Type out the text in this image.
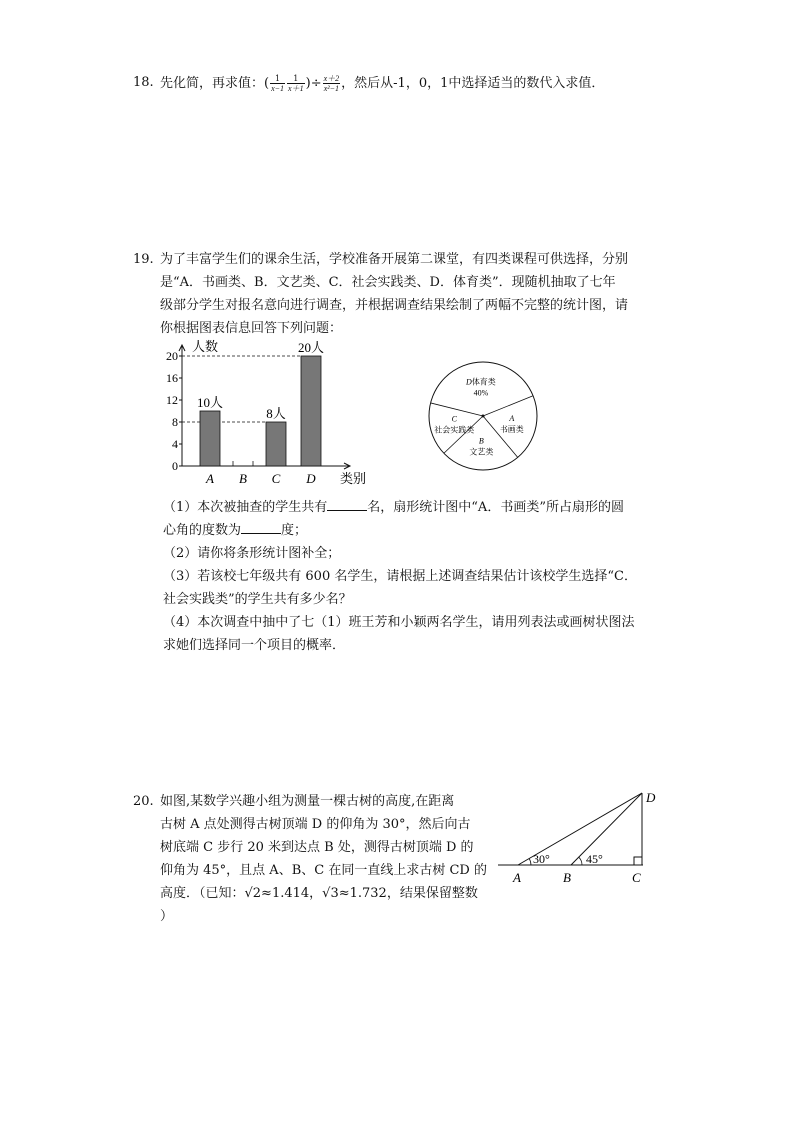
18. 先化简，再求值：( $\frac{1}{x-1} \frac{1}{x+1}$ )÷ $\frac{x+2}{\text{x²−1}}$ ，然后从-1，0，1中选择适当的数代入求值．
19. 为了丰富学生们的课余生活，学校准备开展第二课堂，有四类课程可供选择，分别
是“A．书画类、B．文艺类、C．社会实践类、D．体育类”．现随机抽取了七年
级部分学生对报名意向进行调查，并根据调查结果绘制了两幅不完整的统计图，请
你根据图表信息回答下列问题：
人数
类别
0
4
8
12
16
20
10人
A B
8人
C
20人
D
D体育类
40%
A
书画类
B
文艺类
C
社会实践类
（1）本次被抽查的学生共有	名，扇形统计图中“A．书画类”所占扇形的圆
心角的度数为	度；
（2）请你将条形统计图补全；
（3）若该校七年级共有 600 名学生，请根据上述调查结果估计该校学生选择“C．
社会实践类”的学生共有多少名？
（4）本次调查中抽中了七（1）班王芳和小颖两名学生，请用列表法或画树状图法
求她们选择同一个项目的概率．
20. 如图,某数学兴趣小组为测量一棵古树的高度,在距离
古树 A 点处测得古树顶端 D 的仰角为 30°，然后向古
树底端 C 步行 20 米到达点 B 处，测得古树顶端 D 的
仰角为 45°，且点 A、B、C 在同一直线上求古树 CD 的
高度．（已知：√2≈1.414，√3≈1.732，结果保留整数
）
30°	45°
A	B	C
D
